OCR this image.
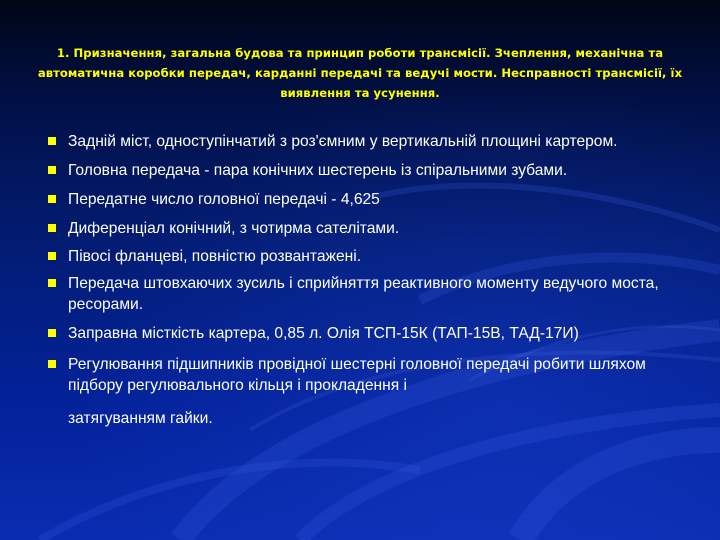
1. Призначення, загальна будова та принцип роботи трансмісії. Зчеплення, механічна та автоматична коробки передач, карданні передачі та ведучі мости. Несправності трансмісії, їх виявлення та усунення.
Задній міст, одноступінчатий з роз'ємним у вертикальній площині картером.
Головна передача - пара конічних шестерень із спіральними зубами.
Передатне число головної передачі - 4,625
Диференціал конічний, з чотирма сателітами.
Півосі фланцеві, повністю розвантажені.
Передача штовхаючих зусиль і сприйняття реактивного моменту ведучого моста, ресорами.
Заправна місткість картера, 0,85 л. Олія ТСП-15К (ТАП-15В, ТАД-17И)
Регулювання підшипників провідної шестерні головної передачі робити шляхом підбору регулювального кільця і прокладення і
затягуванням гайки.
